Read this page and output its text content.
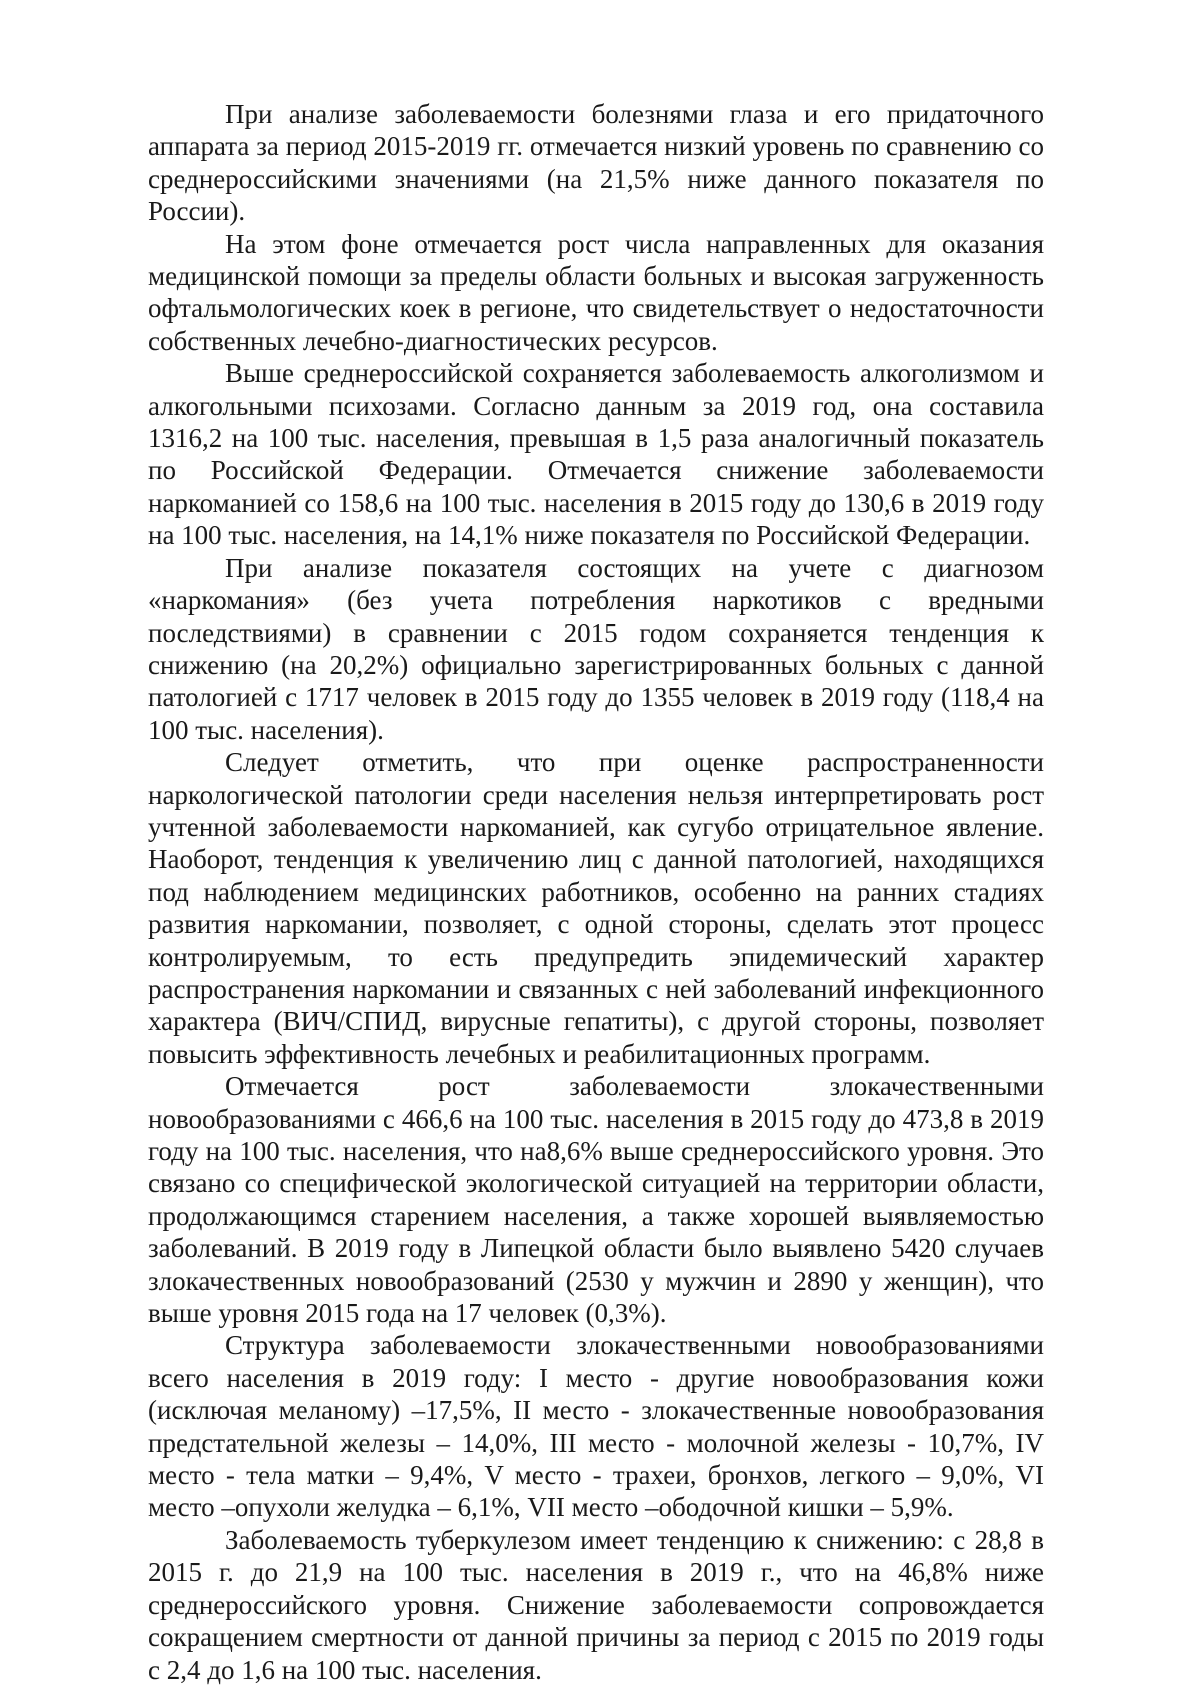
При анализе заболеваемости болезнями глаза и его придаточного аппарата за период 2015-2019 гг. отмечается низкий уровень по сравнению со среднероссийскими значениями (на 21,5% ниже данного показателя по России).

На этом фоне отмечается рост числа направленных для оказания медицинской помощи за пределы области больных и высокая загруженность офтальмологических коек в регионе, что свидетельствует о недостаточности собственных лечебно-диагностических ресурсов.

Выше среднероссийской сохраняется заболеваемость алкоголизмом и алкогольными психозами. Согласно данным за 2019 год, она составила 1316,2 на 100 тыс. населения, превышая в 1,5 раза аналогичный показатель по Российской Федерации. Отмечается снижение заболеваемости наркоманией со 158,6 на 100 тыс. населения в 2015 году до 130,6 в 2019 году на 100 тыс. населения, на 14,1% ниже показателя по Российской Федерации.

При анализе показателя состоящих на учете с диагнозом «наркомания» (без учета потребления наркотиков с вредными последствиями) в сравнении с 2015 годом сохраняется тенденция к снижению (на 20,2%) официально зарегистрированных больных с данной патологией с 1717 человек в 2015 году до 1355 человек в 2019 году (118,4 на 100 тыс. населения).

Следует отметить, что при оценке распространенности наркологической патологии среди населения нельзя интерпретировать рост учтенной заболеваемости наркоманией, как сугубо отрицательное явление. Наоборот, тенденция к увеличению лиц с данной патологией, находящихся под наблюдением медицинских работников, особенно на ранних стадиях развития наркомании, позволяет, с одной стороны, сделать этот процесс контролируемым, то есть предупредить эпидемический характер распространения наркомании и связанных с ней заболеваний инфекционного характера (ВИЧ/СПИД, вирусные гепатиты), с другой стороны, позволяет повысить эффективность лечебных и реабилитационных программ.

Отмечается рост заболеваемости злокачественными новообразованиями с 466,6 на 100 тыс. населения в 2015 году до 473,8 в 2019 году на 100 тыс. населения, что на8,6% выше среднероссийского уровня. Это связано со специфической экологической ситуацией на территории области, продолжающимся старением населения, а также хорошей выявляемостью заболеваний. В 2019 году в Липецкой области было выявлено 5420 случаев злокачественных новообразований (2530 у мужчин и 2890 у женщин), что выше уровня 2015 года на 17 человек (0,3%).

Структура заболеваемости злокачественными новообразованиями всего населения в 2019 году: I место - другие новообразования кожи (исключая меланому) –17,5%, II место - злокачественные новообразования предстательной железы – 14,0%, III место - молочной железы - 10,7%, IV место - тела матки – 9,4%, V место - трахеи, бронхов, легкого – 9,0%, VI место –опухоли желудка – 6,1%, VII место –ободочной кишки – 5,9%.

Заболеваемость туберкулезом имеет тенденцию к снижению: с 28,8 в 2015 г. до 21,9 на 100 тыс. населения в 2019 г., что на 46,8% ниже среднероссийского уровня. Снижение заболеваемости сопровождается сокращением смертности от данной причины за период с 2015 по 2019 годы с 2,4 до 1,6 на 100 тыс. населения.
